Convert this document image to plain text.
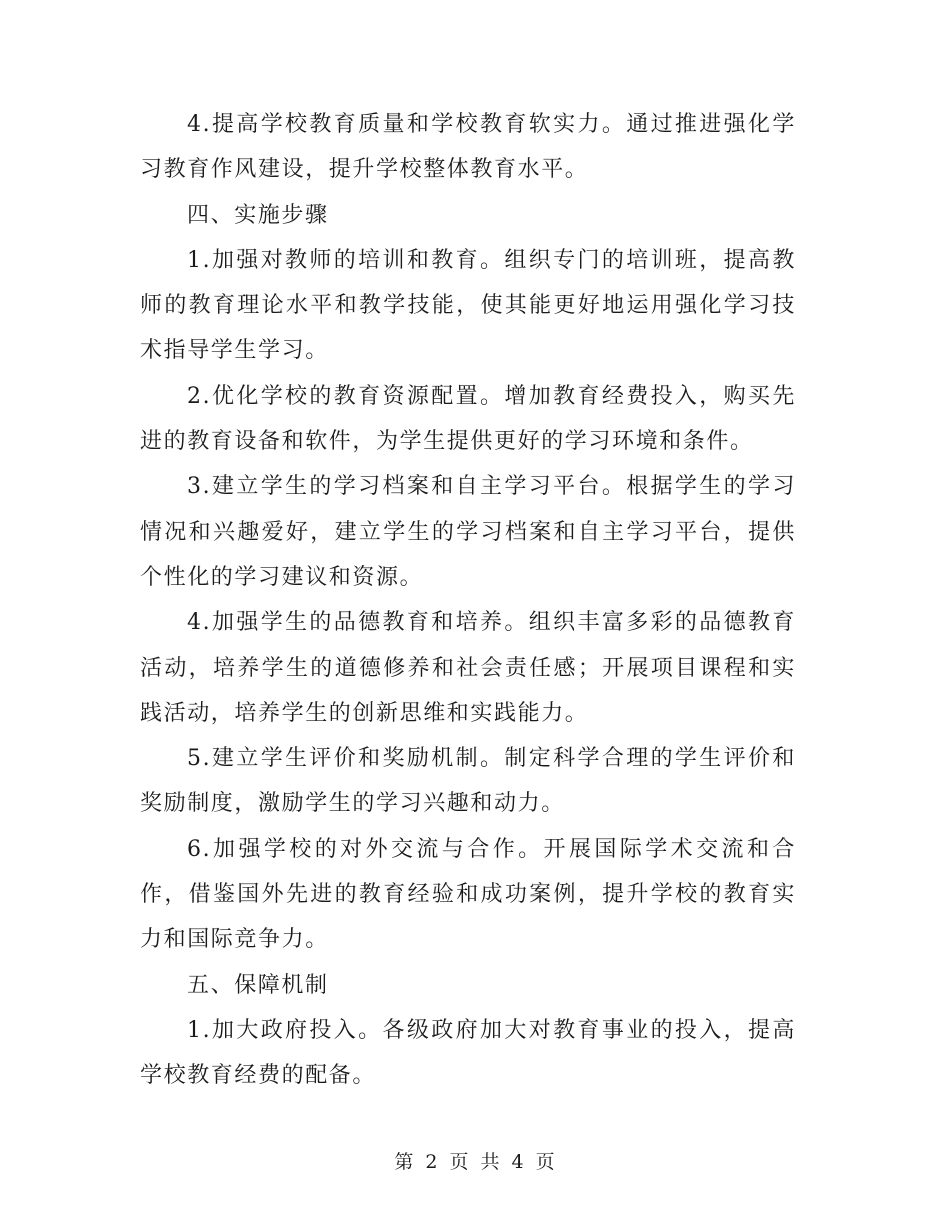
4.提高学校教育质量和学校教育软实力。通过推进强化学习教育作风建设，提升学校整体教育水平。

四、实施步骤

1.加强对教师的培训和教育。组织专门的培训班，提高教师的教育理论水平和教学技能，使其能更好地运用强化学习技术指导学生学习。

2.优化学校的教育资源配置。增加教育经费投入，购买先进的教育设备和软件，为学生提供更好的学习环境和条件。

3.建立学生的学习档案和自主学习平台。根据学生的学习情况和兴趣爱好，建立学生的学习档案和自主学习平台，提供个性化的学习建议和资源。

4.加强学生的品德教育和培养。组织丰富多彩的品德教育活动，培养学生的道德修养和社会责任感；开展项目课程和实践活动，培养学生的创新思维和实践能力。

5.建立学生评价和奖励机制。制定科学合理的学生评价和奖励制度，激励学生的学习兴趣和动力。

6.加强学校的对外交流与合作。开展国际学术交流和合作，借鉴国外先进的教育经验和成功案例，提升学校的教育实力和国际竞争力。

五、保障机制

1.加大政府投入。各级政府加大对教育事业的投入，提高学校教育经费的配备。

第 2 页 共 4 页
